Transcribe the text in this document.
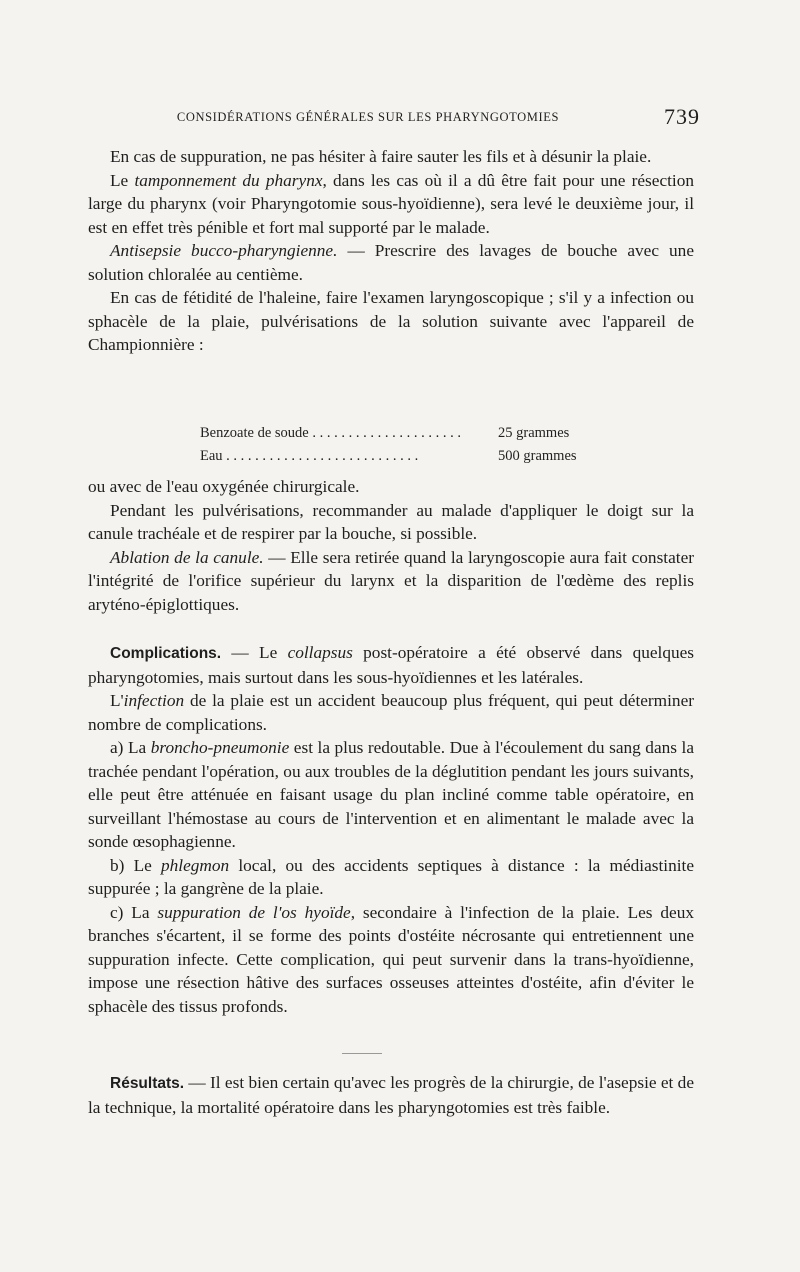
CONSIDÉRATIONS GÉNÉRALES SUR LES PHARYNGOTOMIES	739

En cas de suppuration, ne pas hésiter à faire sauter les fils et à désunir la plaie.

Le tamponnement du pharynx, dans les cas où il a dû être fait pour une résection large du pharynx (voir Pharyngotomie sous-hyoïdienne), sera levé le deuxième jour, il est en effet très pénible et fort mal supporté par le malade.

Antisepsie bucco-pharyngienne. — Prescrire des lavages de bouche avec une solution chloralée au centième.

En cas de fétidité de l'haleine, faire l'examen laryngoscopique ; s'il y a infection ou sphacèle de la plaie, pulvérisations de la solution suivante avec l'appareil de Championnière :

Benzoate de soude . . . . . . . . . . . . . . . . . . . . .	25 grammes
Eau . . . . . . . . . . . . . . . . . . . . . . . . . . .	500 grammes

ou avec de l'eau oxygénée chirurgicale.

Pendant les pulvérisations, recommander au malade d'appliquer le doigt sur la canule trachéale et de respirer par la bouche, si possible.

Ablation de la canule. — Elle sera retirée quand la laryngoscopie aura fait constater l'intégrité de l'orifice supérieur du larynx et la disparition de l'œdème des replis aryténo-épiglottiques.

Complications. — Le collapsus post-opératoire a été observé dans quelques pharyngotomies, mais surtout dans les sous-hyoïdiennes et les latérales.

L'infection de la plaie est un accident beaucoup plus fréquent, qui peut déterminer nombre de complications.

a) La broncho-pneumonie est la plus redoutable. Due à l'écoulement du sang dans la trachée pendant l'opération, ou aux troubles de la déglutition pendant les jours suivants, elle peut être atténuée en faisant usage du plan incliné comme table opératoire, en surveillant l'hémostase au cours de l'intervention et en alimentant le malade avec la sonde œsophagienne.

b) Le phlegmon local, ou des accidents septiques à distance : la médiastinite suppurée ; la gangrène de la plaie.

c) La suppuration de l'os hyoïde, secondaire à l'infection de la plaie. Les deux branches s'écartent, il se forme des points d'ostéite nécrosante qui entretiennent une suppuration infecte. Cette complication, qui peut survenir dans la trans-hyoïdienne, impose une résection hâtive des surfaces osseuses atteintes d'ostéite, afin d'éviter le sphacèle des tissus profonds.

Résultats. — Il est bien certain qu'avec les progrès de la chirurgie, de l'asepsie et de la technique, la mortalité opératoire dans les pharyngotomies est très faible.
